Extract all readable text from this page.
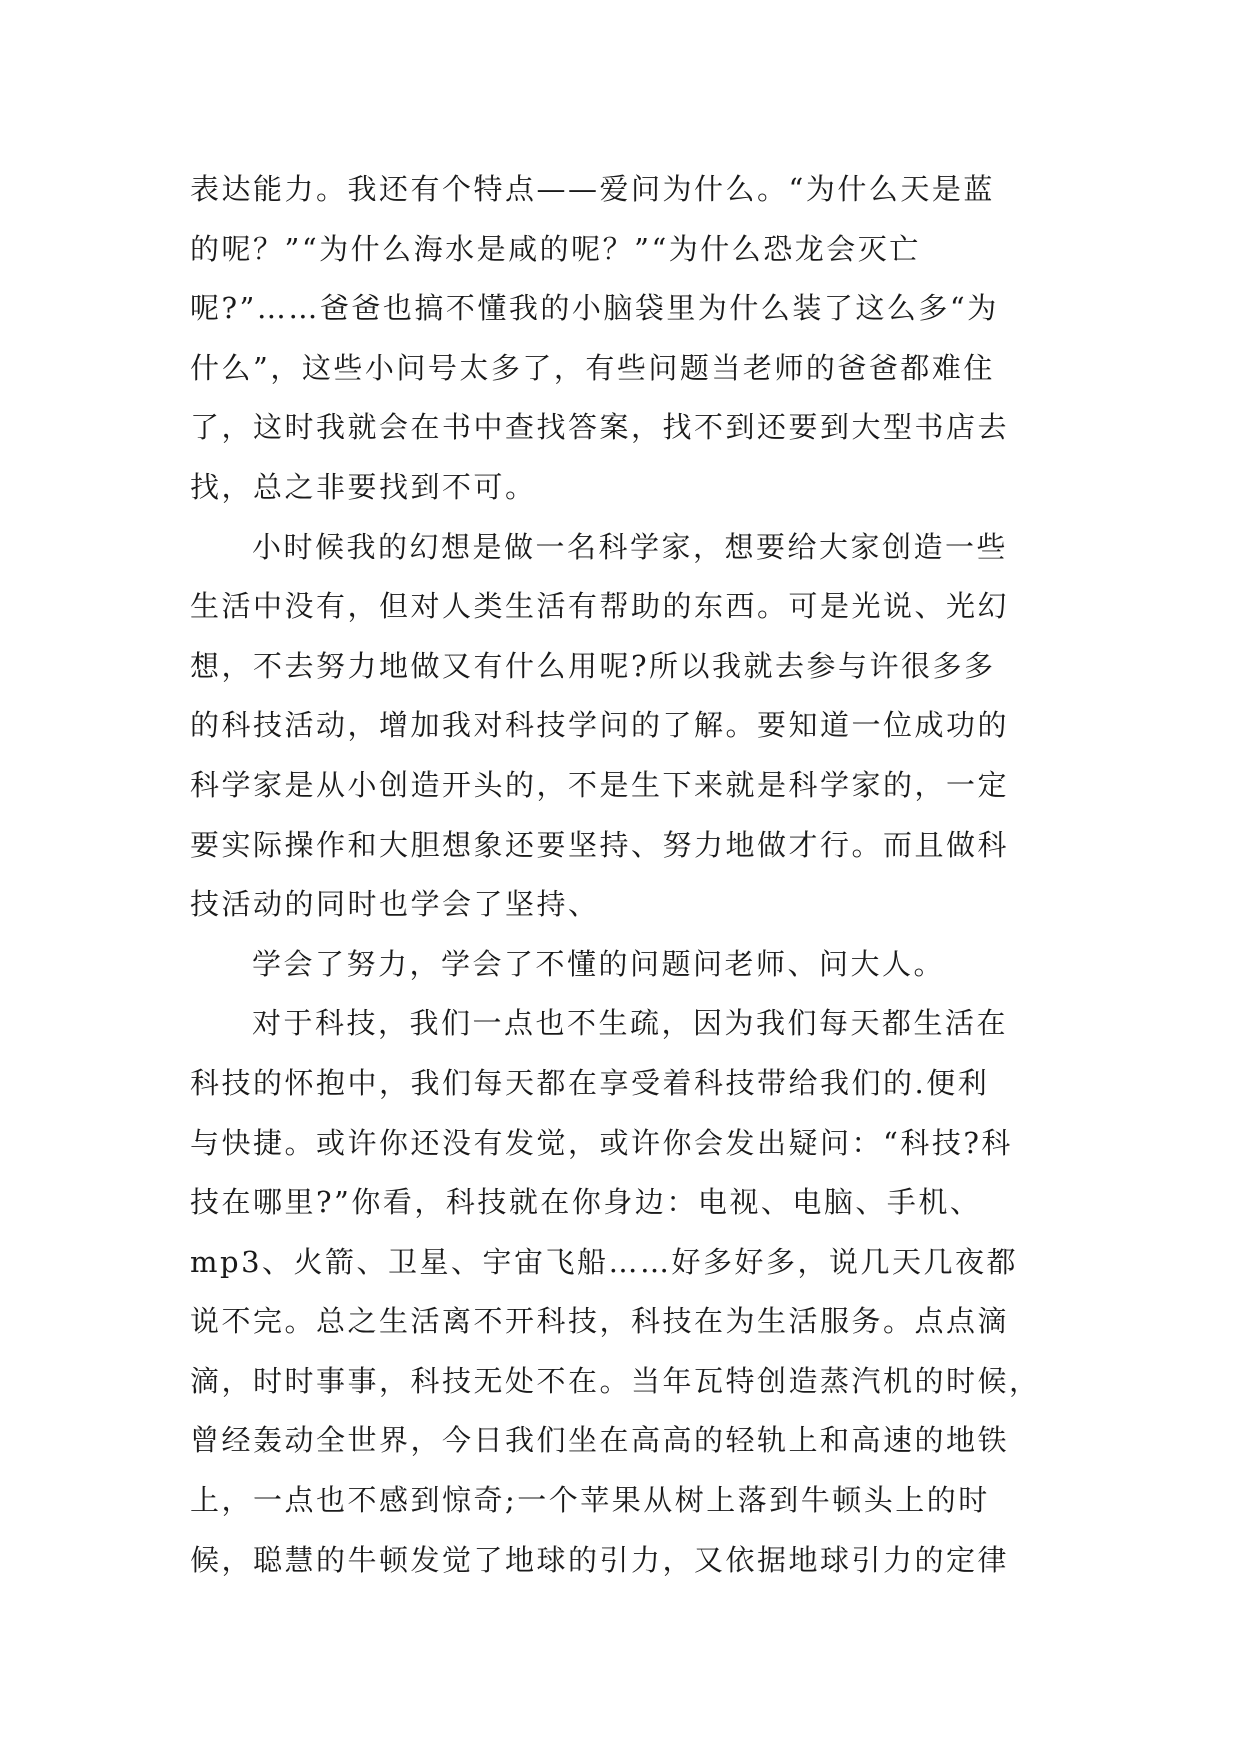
表达能力。我还有个特点——爱问为什么。“为什么天是蓝
的呢？”“为什么海水是咸的呢？”“为什么恐龙会灭亡
呢?”……爸爸也搞不懂我的小脑袋里为什么装了这么多“为
什么”，这些小问号太多了，有些问题当老师的爸爸都难住
了，这时我就会在书中查找答案，找不到还要到大型书店去
找，总之非要找到不可。
小时候我的幻想是做一名科学家，想要给大家创造一些
生活中没有，但对人类生活有帮助的东西。可是光说、光幻
想，不去努力地做又有什么用呢?所以我就去参与许很多多
的科技活动，增加我对科技学问的了解。要知道一位成功的
科学家是从小创造开头的，不是生下来就是科学家的，一定
要实际操作和大胆想象还要坚持、努力地做才行。而且做科
技活动的同时也学会了坚持、
学会了努力，学会了不懂的问题问老师、问大人。
对于科技，我们一点也不生疏，因为我们每天都生活在
科技的怀抱中，我们每天都在享受着科技带给我们的.便利
与快捷。或许你还没有发觉，或许你会发出疑问：“科技?科
技在哪里?”你看，科技就在你身边：电视、电脑、手机、
mp3、火箭、卫星、宇宙飞船……好多好多，说几天几夜都
说不完。总之生活离不开科技，科技在为生活服务。点点滴
滴，时时事事，科技无处不在。当年瓦特创造蒸汽机的时候，
曾经轰动全世界，今日我们坐在高高的轻轨上和高速的地铁
上，一点也不感到惊奇;一个苹果从树上落到牛顿头上的时
候，聪慧的牛顿发觉了地球的引力，又依据地球引力的定律
